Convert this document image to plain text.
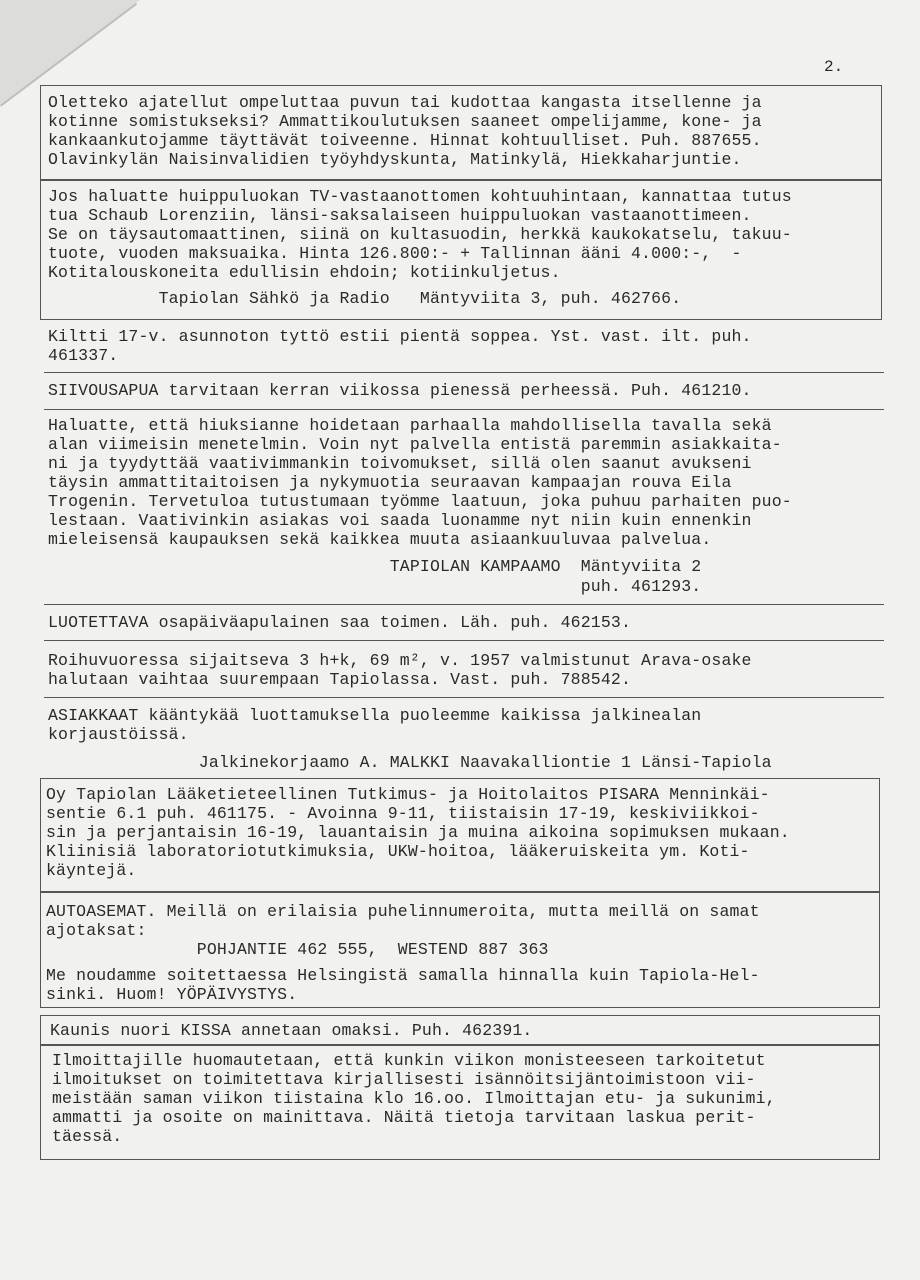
2.
Oletteko ajatellut ompeluttaa puvun tai kudottaa kangasta itsellenne ja
kotinne somistukseksi? Ammattikoulutuksen saaneet ompelijamme, kone- ja
kankaankutojamme täyttävät toiveenne. Hinnat kohtuulliset. Puh. 887655.
Olavinkylän Naisinvalidien työyhdyskunta, Matinkylä, Hiekkaharjuntie.
Jos haluatte huippuluokan TV-vastaanottomen kohtuuhintaan, kannattaa tutus
tua Schaub Lorenziin, länsi-saksalaiseen huippuluokan vastaanottimeen.
Se on täysautomaattinen, siinä on kultasuodin, herkkä kaukokatselu, takuu-
tuote, vuoden maksuaika. Hinta 126.800:- + Tallinnan ääni 4.000:-,  -
Kotitalouskoneita edullisin ehdoin; kotiinkuljetus.
Tapiolan Sähkö ja Radio   Mäntyviita 3, puh. 462766.
Kiltti 17-v. asunnoton tyttö estii pientä soppea. Yst. vast. ilt. puh.
461337.
SIIVOUSAPUA tarvitaan kerran viikossa pienessä perheessä. Puh. 461210.
Haluatte, että hiuksianne hoidetaan parhaalla mahdollisella tavalla sekä
alan viimeisin menetelmin. Voin nyt palvella entistä paremmin asiakkaita-
ni ja tyydyttää vaativimmankin toivomukset, sillä olen saanut avukseni
täysin ammattitaitoisen ja nykymuotia seuraavan kampaajan rouva Eila
Trogenin. Tervetuloa tutustumaan työmme laatuun, joka puhuu parhaiten puo-
lestaan. Vaativinkin asiakas voi saada luonamme nyt niin kuin ennenkin
mieleisensä kaupauksen sekä kaikkea muuta asiaankuuluvaa palvelua.
TAPIOLAN KAMPAAMO  Mäntyviita 2
puh. 461293.
LUOTETTAVA osapäiväapulainen saa toimen. Läh. puh. 462153.
Roihuvuoressa sijaitseva 3 h+k, 69 m², v. 1957 valmistunut Arava-osake
halutaan vaihtaa suurempaan Tapiolassa. Vast. puh. 788542.
ASIAKKAAT kääntykää luottamuksella puoleemme kaikissa jalkinealan
korjaustöissä.
Jalkinekorjaamo A. MALKKI Naavakalliontie 1 Länsi-Tapiola
Oy Tapiolan Lääketieteellinen Tutkimus- ja Hoitolaitos PISARA Menninkäi-
sentie 6.1 puh. 461175. - Avoinna 9-11, tiistaisin 17-19, keskiviikkoi-
sin ja perjantaisin 16-19, lauantaisin ja muina aikoina sopimuksen mukaan.
Kliinisiä laboratoriotutkimuksia, UKW-hoitoa, lääkeruiskeita ym. Koti-
käyntejä.
AUTOASEMAT. Meillä on erilaisia puhelinnumeroita, mutta meillä on samat
ajotaksat:
POHJANTIE 462 555,  WESTEND 887 363
Me noudamme soitettaessa Helsingistä samalla hinnalla kuin Tapiola-Hel-
sinki. Huom! YÖPÄIVYSTYS.
Kaunis nuori KISSA annetaan omaksi. Puh. 462391.
Ilmoittajille huomautetaan, että kunkin viikon monisteeseen tarkoitetut
ilmoitukset on toimitettava kirjallisesti isännöitsijäntoimistoon vii-
meistään saman viikon tiistaina klo 16.oo. Ilmoittajan etu- ja sukunimi,
ammatti ja osoite on mainittava. Näitä tietoja tarvitaan laskua perit-
täessä.
